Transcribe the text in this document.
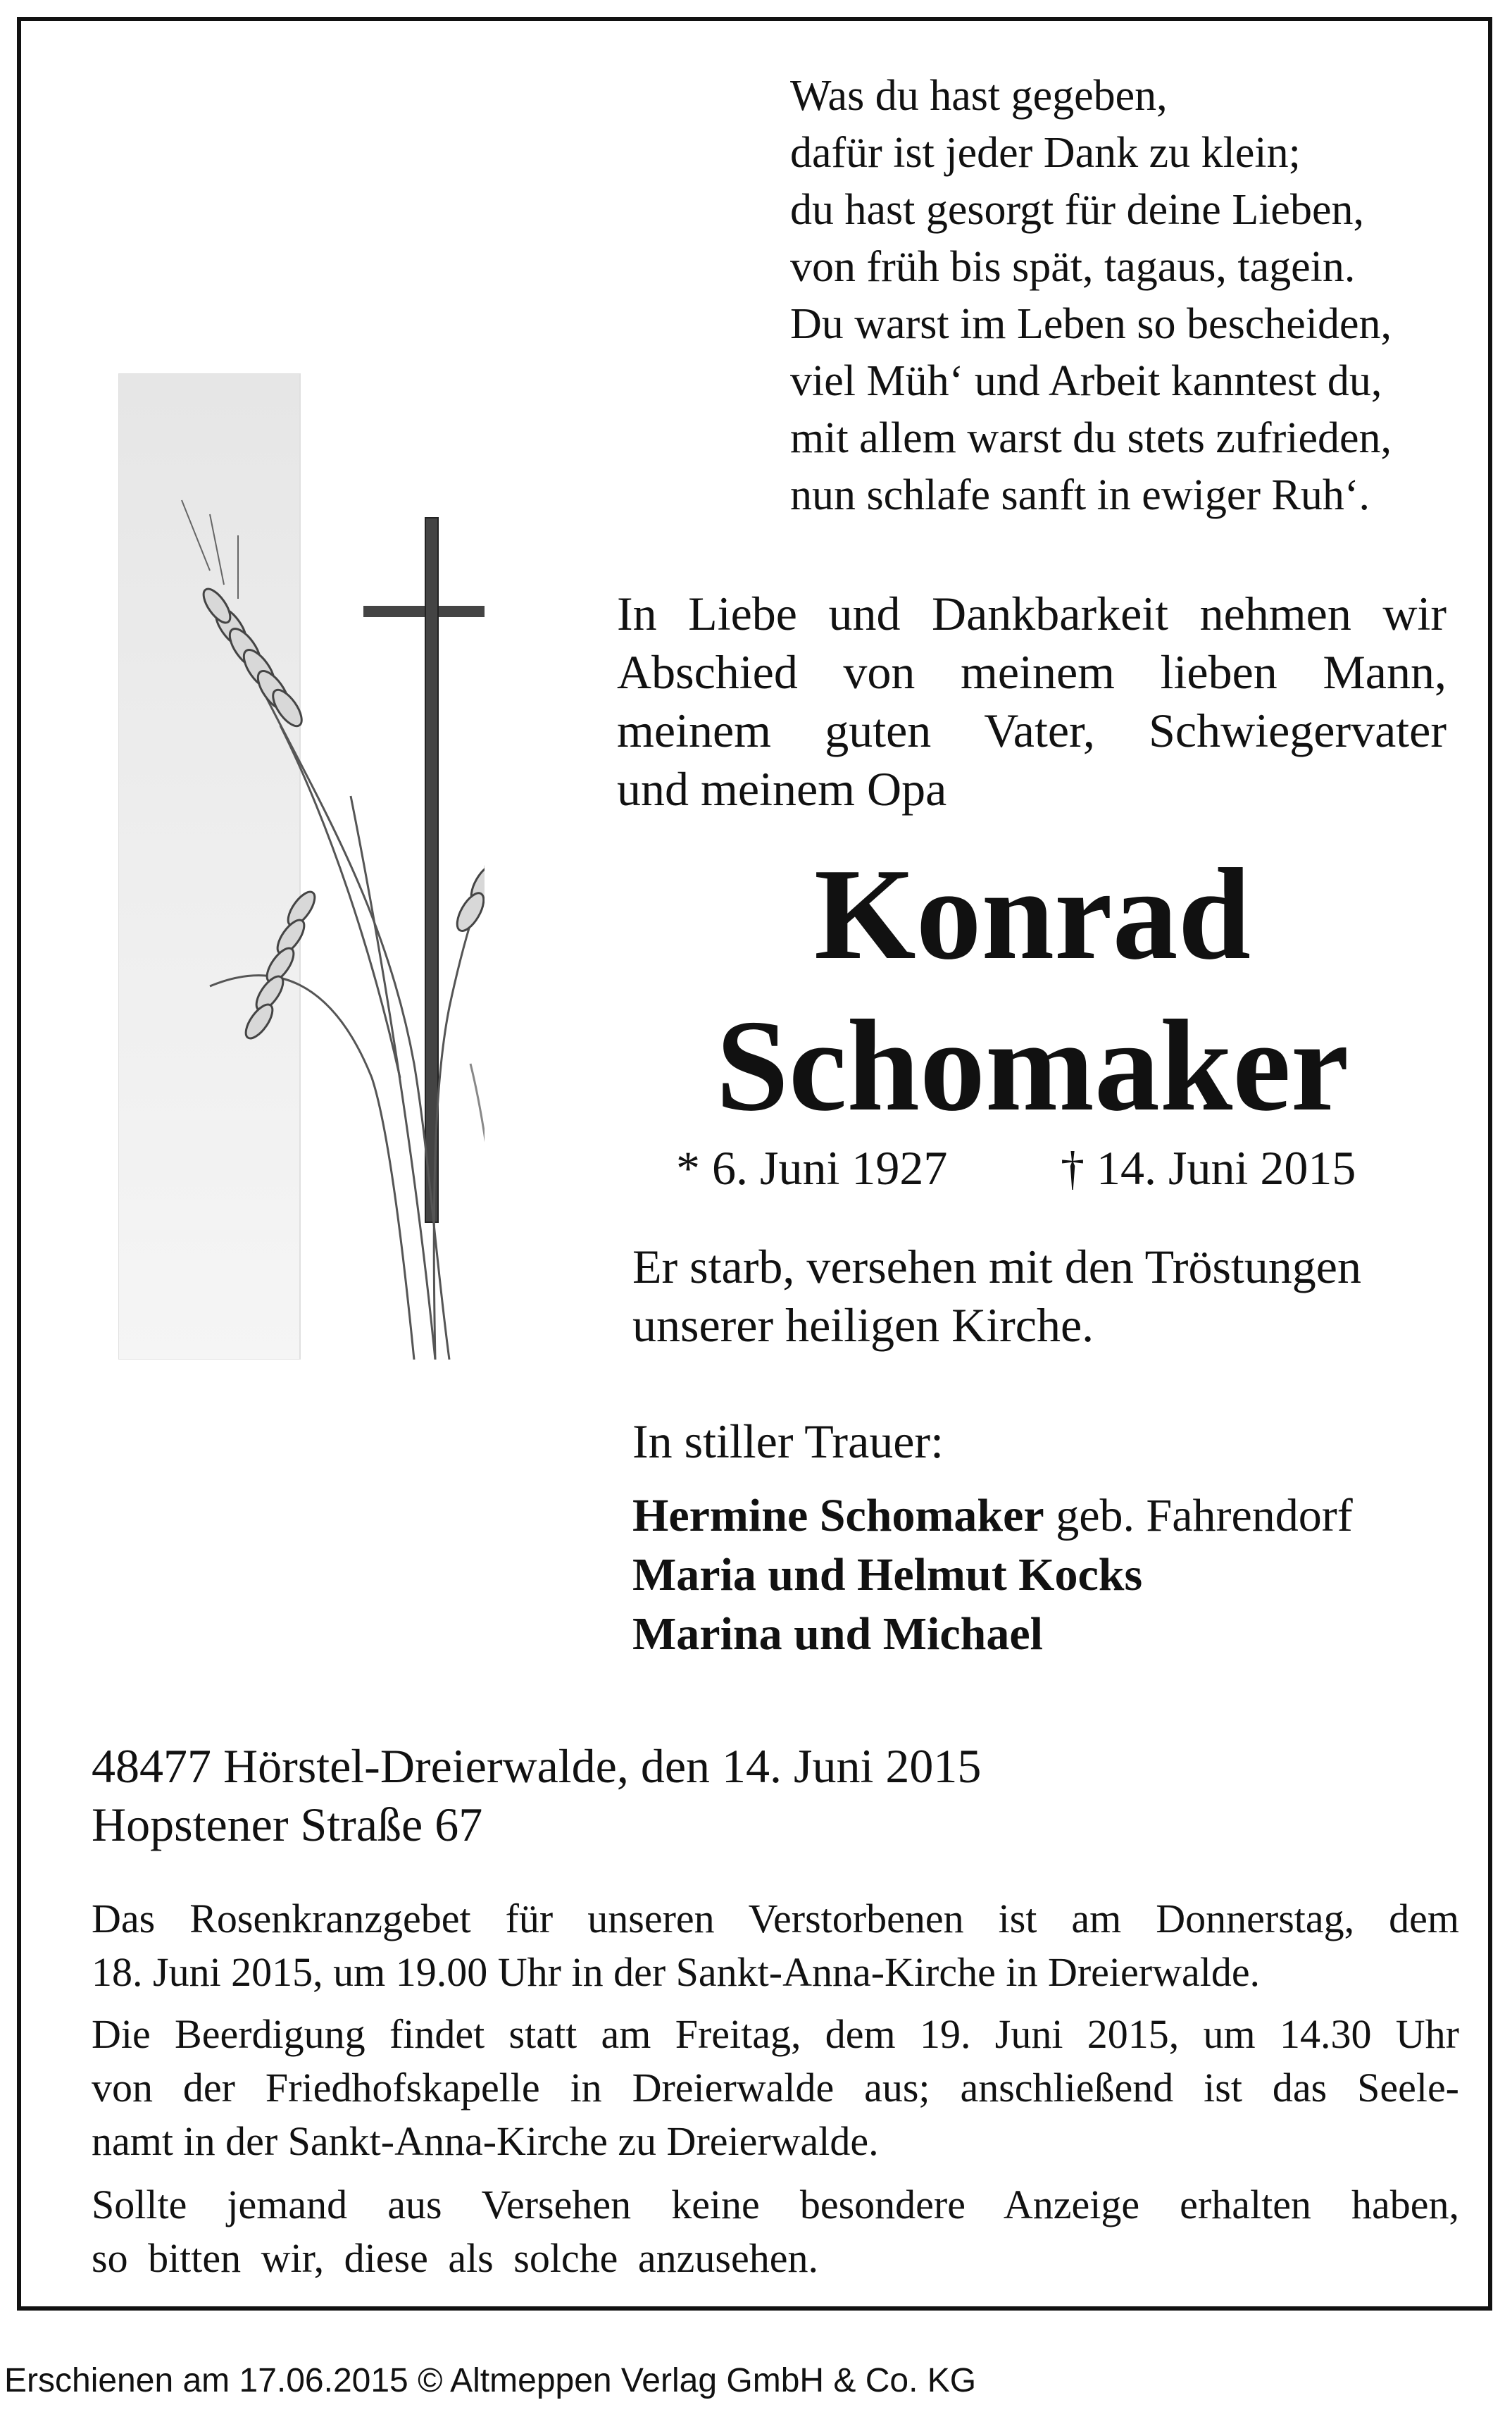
Was du hast gegeben,
dafür ist jeder Dank zu klein;
du hast gesorgt für deine Lieben,
von früh bis spät, tagaus, tagein.
Du warst im Leben so bescheiden,
viel Müh‘ und Arbeit kanntest du,
mit allem warst du stets zufrieden,
nun schlafe sanft in ewiger Ruh‘.
In Liebe und Dankbarkeit nehmen wir
Abschied von meinem lieben Mann,
meinem guten Vater, Schwiegervater
und meinem Opa
Konrad
Schomaker
* 6. Juni 1927 † 14. Juni 2015
Er starb, versehen mit den Tröstungen
unserer heiligen Kirche.
In stiller Trauer:
Hermine Schomaker geb. Fahrendorf
Maria und Helmut Kocks
Marina und Michael
48477 Hörstel-Dreierwalde, den 14. Juni 2015
Hopstener Straße 67
Das Rosenkranzgebet für unseren Verstorbenen ist am Donnerstag, dem
18. Juni 2015, um 19.00 Uhr in der Sankt-Anna-Kirche in Dreierwalde.
Die Beerdigung findet statt am Freitag, dem 19. Juni 2015, um 14.30 Uhr
von der Friedhofskapelle in Dreierwalde aus; anschließend ist das Seele-
namt in der Sankt-Anna-Kirche zu Dreierwalde.
Sollte jemand aus Versehen keine besondere Anzeige erhalten haben,
so bitten wir, diese als solche anzusehen.
Erschienen am 17.06.2015 © Altmeppen Verlag GmbH & Co. KG
